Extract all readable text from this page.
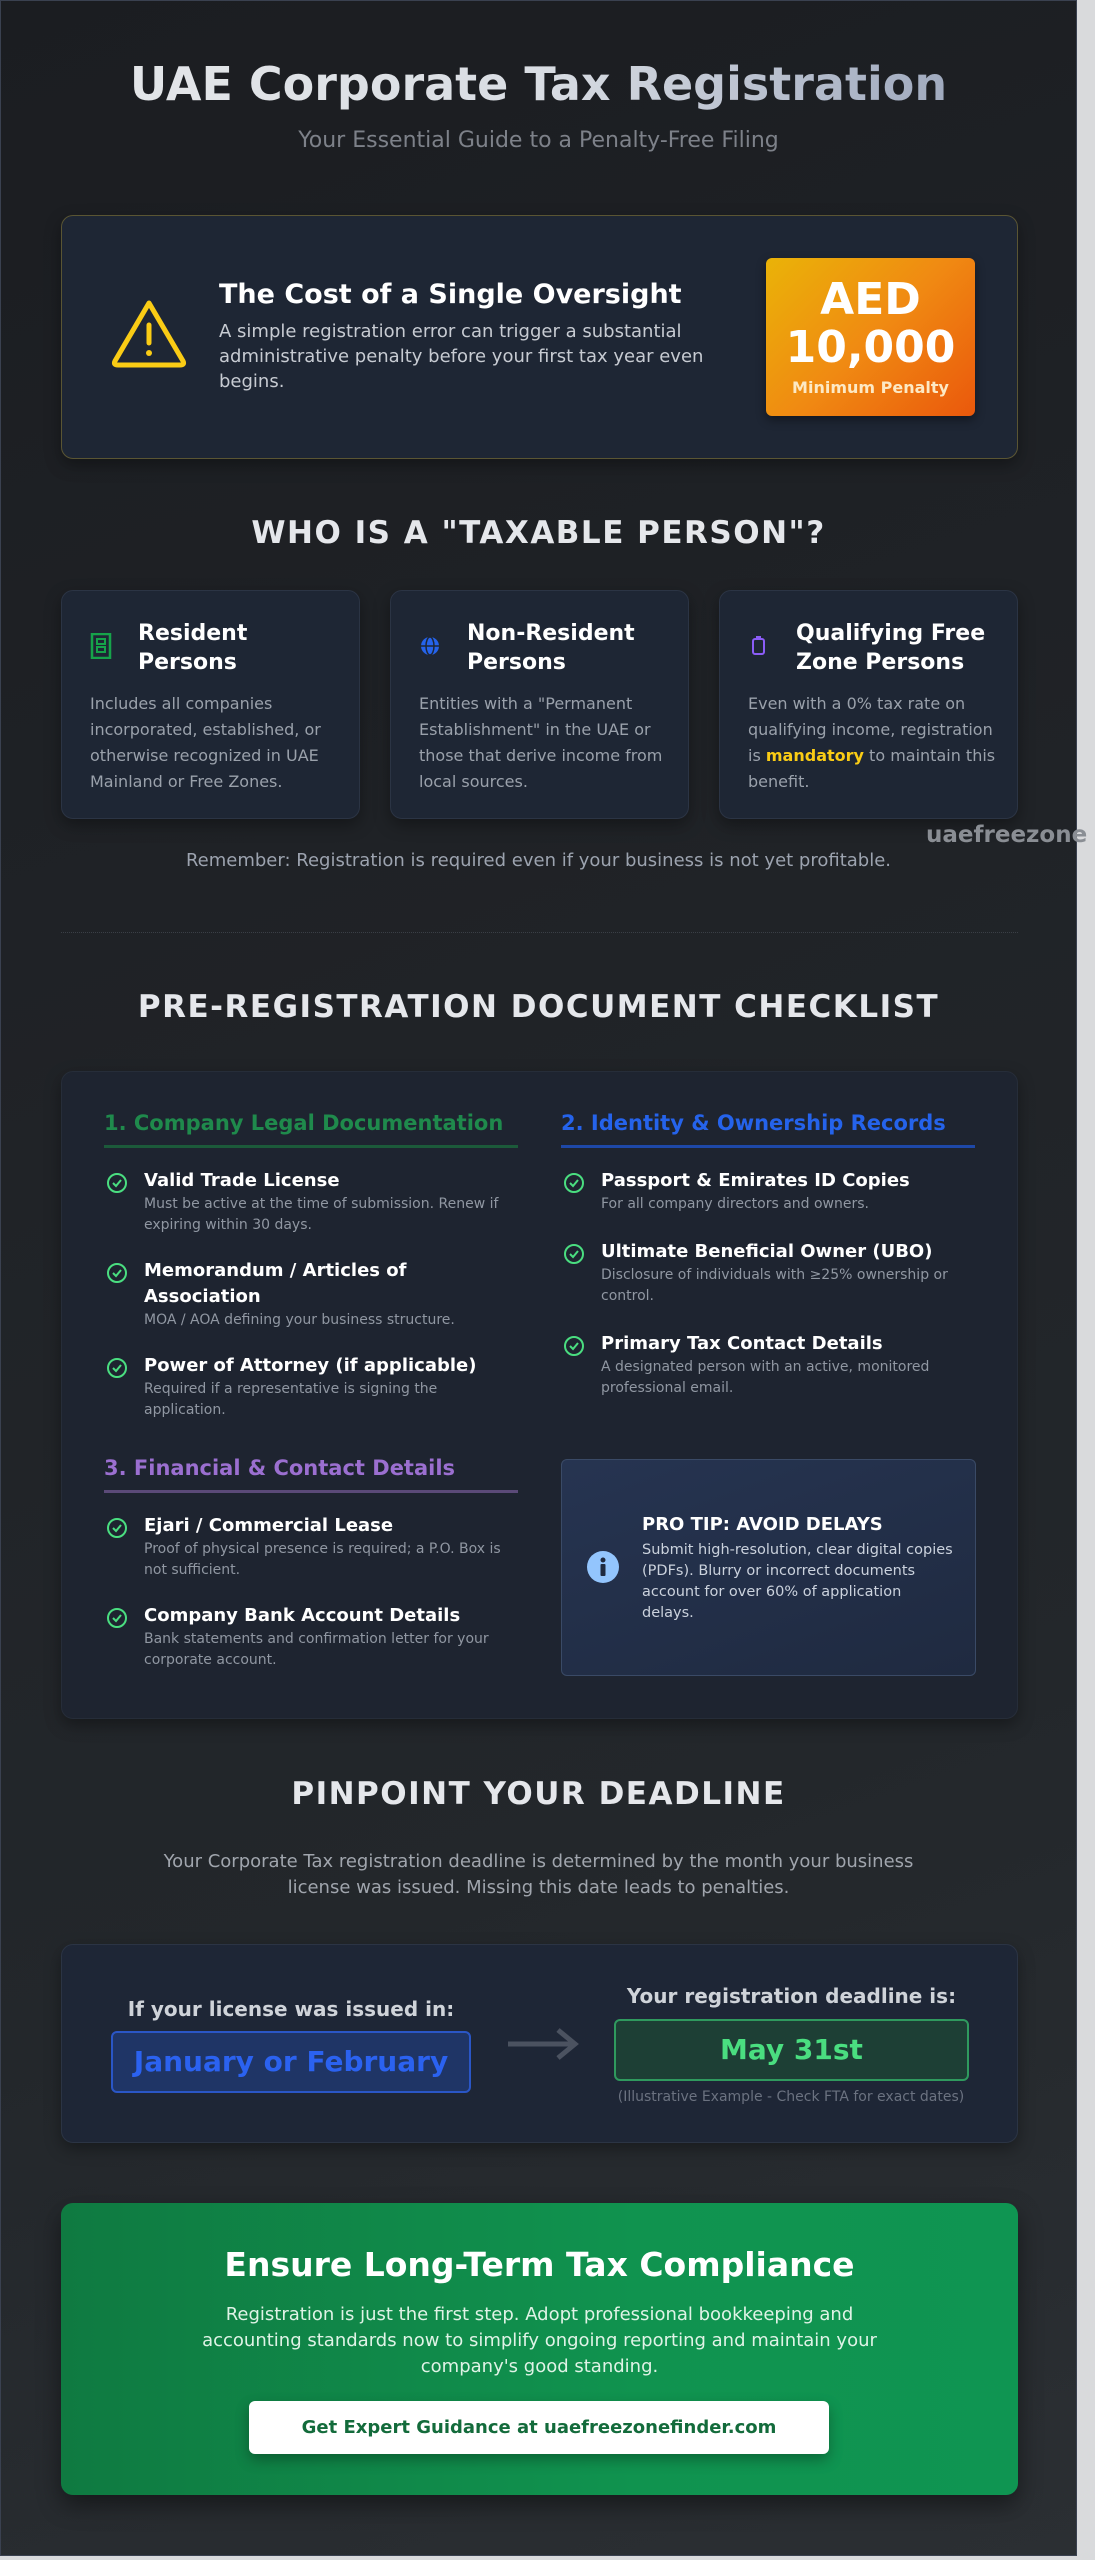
UAE Corporate Tax Registration
Your Essential Guide to a Penalty-Free Filing
The Cost of a Single Oversight

A simple registration error can trigger a substantial administrative penalty before your first tax year even begins.

AED
10,000
Minimum Penalty
WHO IS A "TAXABLE PERSON"?
Resident Persons

Includes all companies incorporated, established, or otherwise recognized in UAE Mainland or Free Zones.

Non-Resident Persons

Entities with a "Permanent Establishment" in the UAE or those that derive income from local sources.

Qualifying Free Zone Persons

Even with a 0% tax rate on qualifying income, registration is mandatory to maintain this benefit.

uaefreezone
Remember: Registration is required even if your business is not yet profitable.
PRE-REGISTRATION DOCUMENT CHECKLIST
1. Company Legal Documentation
Valid Trade License
Must be active at the time of submission. Renew if expiring within 30 days.
Memorandum / Articles of Association
MOA / AOA defining your business structure.
Power of Attorney (if applicable)
Required if a representative is signing the application.
2. Identity & Ownership Records
Passport & Emirates ID Copies
For all company directors and owners.
Ultimate Beneficial Owner (UBO)
Disclosure of individuals with ≥25% ownership or control.
Primary Tax Contact Details
A designated person with an active, monitored professional email.
3. Financial & Contact Details
Ejari / Commercial Lease
Proof of physical presence is required; a P.O. Box is not sufficient.
Company Bank Account Details
Bank statements and confirmation letter for your corporate account.
PRO TIP: AVOID DELAYS

Submit high-resolution, clear digital copies (PDFs). Blurry or incorrect documents account for over 60% of application delays.

PINPOINT YOUR DEADLINE
Your Corporate Tax registration deadline is determined by the month your business license was issued. Missing this date leads to penalties.
If your license was issued in:
January or February
Your registration deadline is:
May 31st
(Illustrative Example - Check FTA for exact dates)
Ensure Long-Term Tax Compliance

Registration is just the first step. Adopt professional bookkeeping and accounting standards now to simplify ongoing reporting and maintain your company's good standing.

Get Expert Guidance at uaefreezonefinder.com
